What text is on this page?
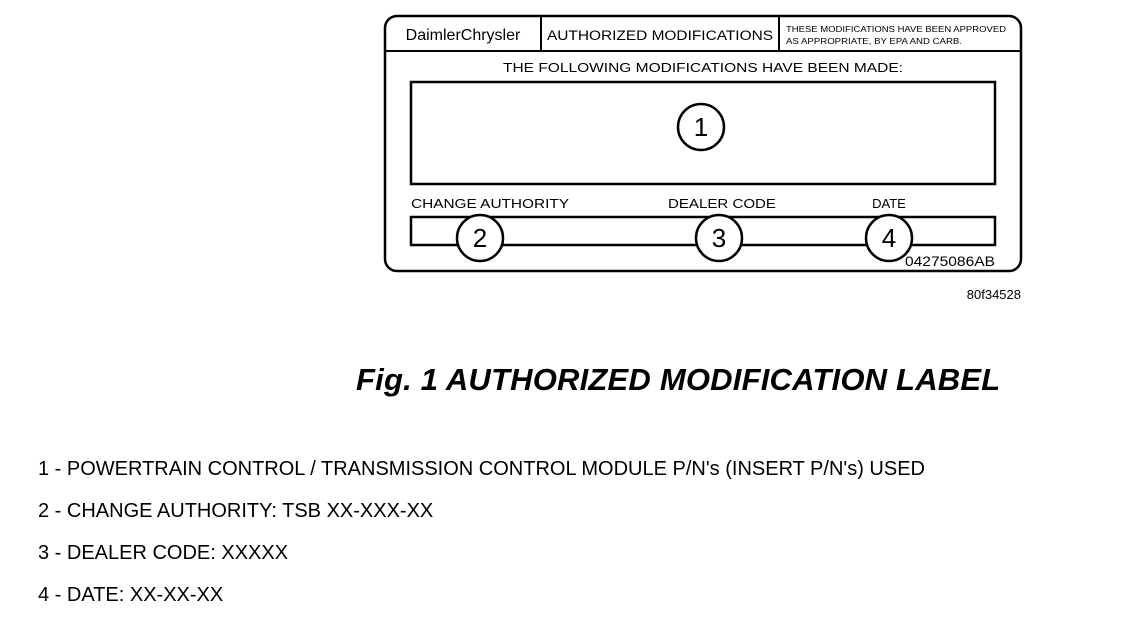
DaimlerChrysler AUTHORIZED MODIFICATIONS THESE MODIFICATIONS HAVE BEEN APPROVED
AS APPROPRIATE, BY EPA AND CARB.
THE FOLLOWING MODIFICATIONS HAVE BEEN MADE:
1
CHANGE AUTHORITY	DEALER CODE	DATE
2	3	4
04275086AB
80f34528
Fig. 1 AUTHORIZED MODIFICATION LABEL
1 - POWERTRAIN CONTROL / TRANSMISSION CONTROL MODULE P/N's (INSERT P/N's) USED
2 - CHANGE AUTHORITY: TSB XX-XXX-XX
3 - DEALER CODE: XXXXX
4 - DATE: XX-XX-XX
